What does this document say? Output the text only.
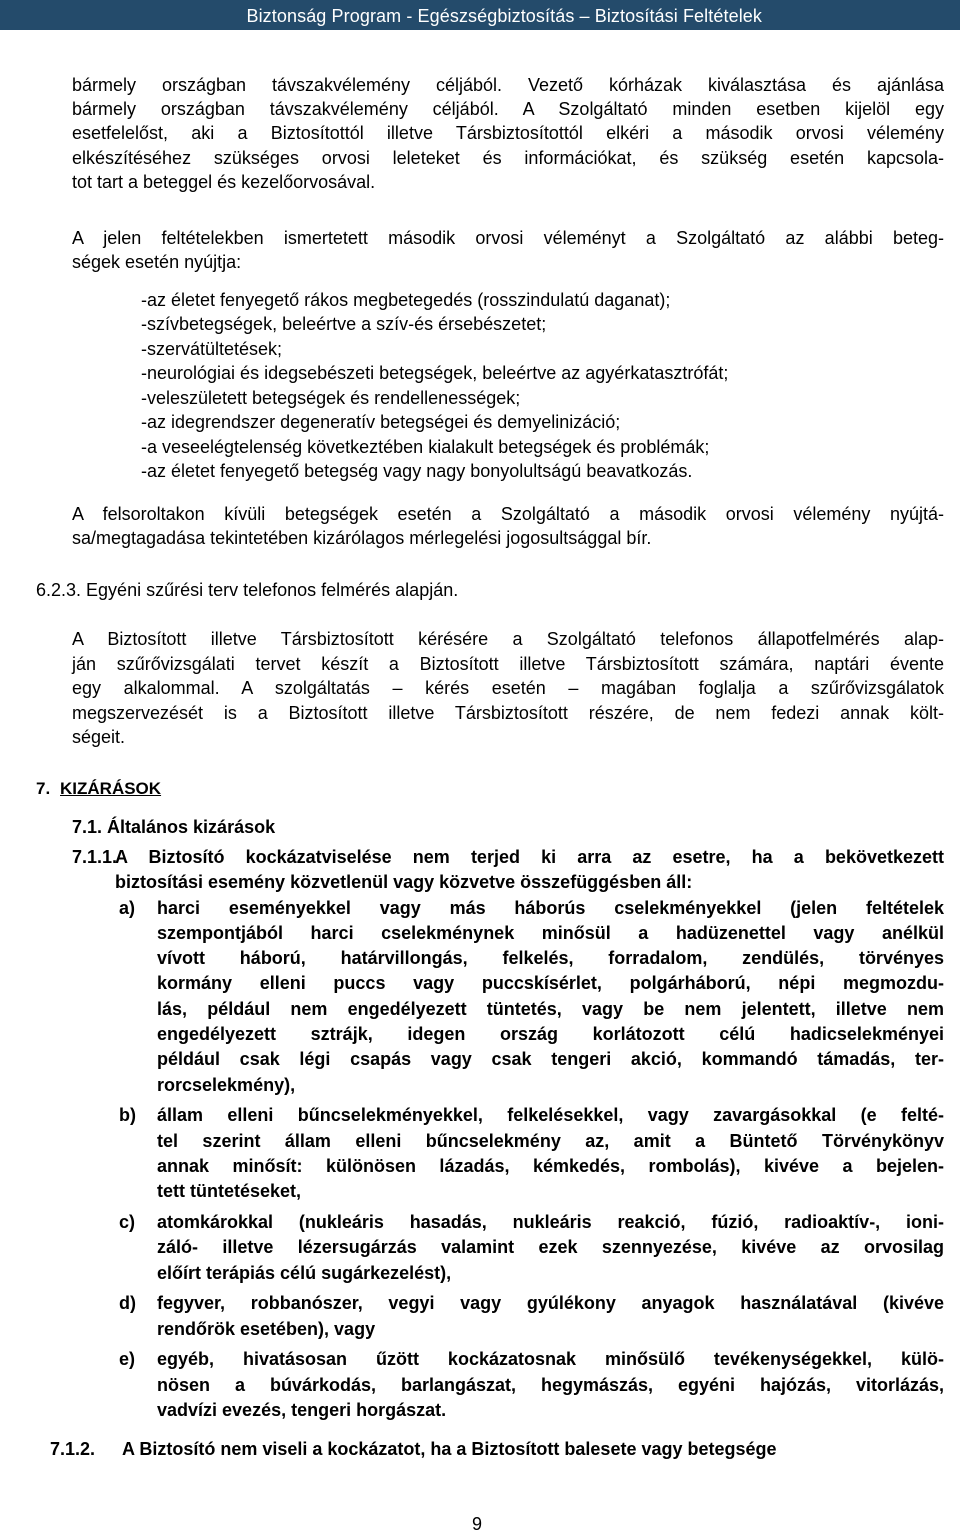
Biztonság Program - Egészségbiztosítás – Biztosítási Feltételek

bármely országban távszakvélemény céljából. Vezető kórházak kiválasztása és ajánlása

bármely országban távszakvélemény céljából. A Szolgáltató minden esetben kijelöl egy

esetfelelőst, aki a Biztosítottól illetve Társbiztosítottól elkéri a második orvosi vélemény

elkészítéséhez szükséges orvosi leleteket és információkat, és szükség esetén kapcsola-

tot tart a beteggel és kezelőorvosával.

A jelen feltételekben ismertetett második orvosi véleményt a Szolgáltató az alábbi beteg-

ségek esetén nyújtja:

-az életet fenyegető rákos megbetegedés (rosszindulatú daganat);

-szívbetegségek, beleértve a szív-és érsebészetet;

-szervátültetések;

-neurológiai és idegsebészeti betegségek, beleértve az agyérkatasztrófát;

-veleszületett betegségek és rendellenességek;

-az idegrendszer degeneratív betegségei és demyelinizáció;

-a veseelégtelenség következtében kialakult betegségek és problémák;

-az életet fenyegető betegség vagy nagy bonyolultságú beavatkozás.

A felsoroltakon kívüli betegségek esetén a Szolgáltató a második orvosi vélemény nyújtá-

sa/megtagadása tekintetében kizárólagos mérlegelési jogosultsággal bír.

6.2.3. Egyéni szűrési terv telefonos felmérés alapján.

A Biztosított illetve Társbiztosított kérésére a Szolgáltató telefonos állapotfelmérés alap-

ján szűrővizsgálati tervet készít a Biztosított illetve Társbiztosított számára, naptári évente

egy alkalommal. A szolgáltatás – kérés esetén – magában foglalja a szűrővizsgálatok

megszervezését is a Biztosított illetve Társbiztosított részére, de nem fedezi annak költ-

ségeit.

7. KIZÁRÁSOK

7.1. Általános kizárások

7.1.1.

A Biztosító kockázatviselése nem terjed ki arra az esetre, ha a bekövetkezett

biztosítási esemény közvetlenül vagy közvetve összefüggésben áll:

a) harci eseményekkel vagy más háborús cselekményekkel (jelen feltételek

szempontjából harci cselekménynek minősül a hadüzenettel vagy anélkül

vívott háború, határvillongás, felkelés, forradalom, zendülés, törvényes

kormány elleni puccs vagy puccskísérlet, polgárháború, népi megmozdu-

lás, például nem engedélyezett tüntetés, vagy be nem jelentett, illetve nem

engedélyezett sztrájk, idegen ország korlátozott célú hadicselekményei

például csak légi csapás vagy csak tengeri akció, kommandó támadás, ter-

rorcselekmény),

b) állam elleni bűncselekményekkel, felkelésekkel, vagy zavargásokkal (e felté-

tel szerint állam elleni bűncselekmény az, amit a Büntető Törvénykönyv

annak minősít: különösen lázadás, kémkedés, rombolás), kivéve a bejelen-

tett tüntetéseket,

c) atomkárokkal (nukleáris hasadás, nukleáris reakció, fúzió, radioaktív-, ioni-

záló- illetve lézersugárzás valamint ezek szennyezése, kivéve az orvosilag

előírt terápiás célú sugárkezelést),

d) fegyver, robbanószer, vegyi vagy gyúlékony anyagok használatával (kivéve

rendőrök esetében), vagy

e) egyéb, hivatásosan űzött kockázatosnak minősülő tevékenységekkel, külö-

nösen a búvárkodás, barlangászat, hegymászás, egyéni hajózás, vitorlázás,

vadvízi evezés, tengeri horgászat.

7.1.2. A Biztosító nem viseli a kockázatot, ha a Biztosított balesete vagy betegsége

9
